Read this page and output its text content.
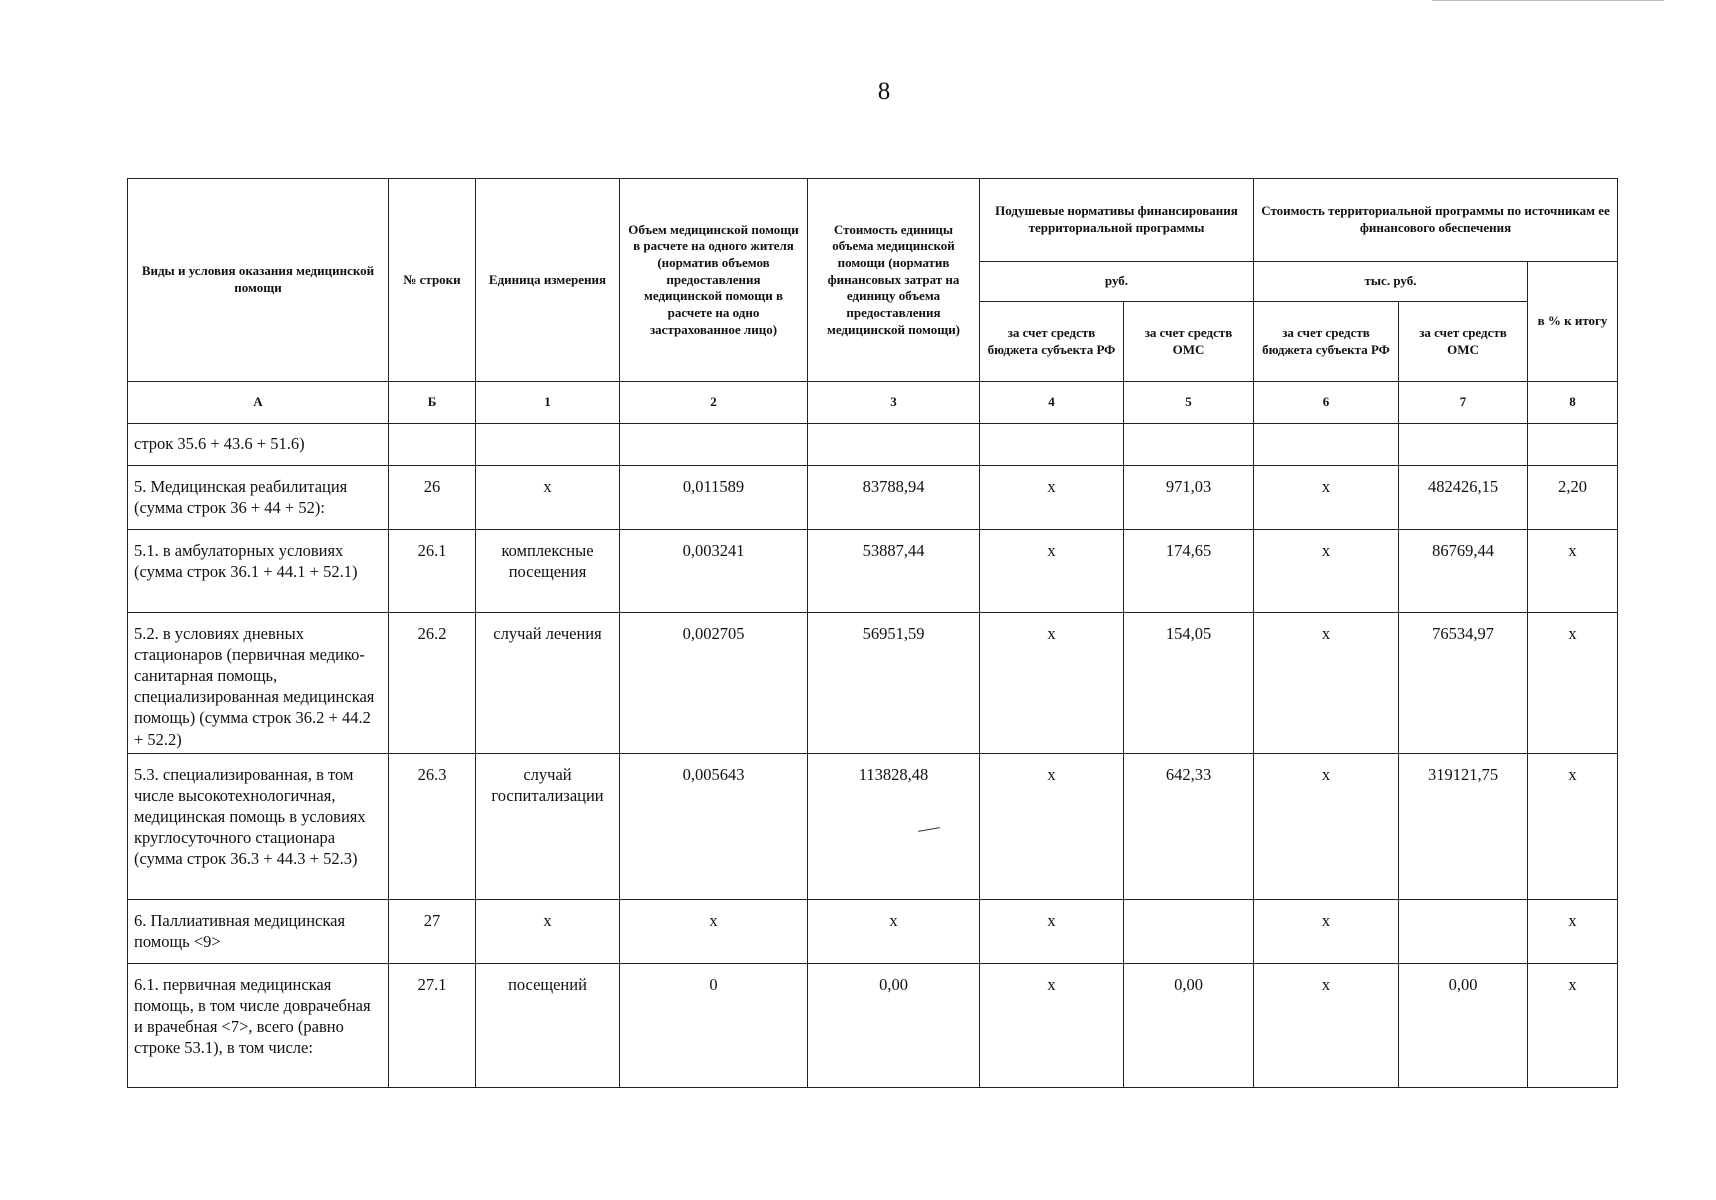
8
Виды и условия оказания медицинской помощи	№ строки	Единица измерения	Объем медицинской помощи в расчете на одного жителя (норматив объемов предоставления медицинской помощи в расчете на одно застрахованное лицо)	Стоимость единицы объема медицинской помощи (норматив финансовых затрат на единицу объема предоставления медицинской помощи)	Подушевые нормативы финансирования территориальной программы		Стоимость территориальной программы по источникам ее финансового обеспечения		
					руб.		тыс. руб.		в % к итогу
					за счет средств бюджета субъекта РФ	за счет средств ОМС	за счет средств бюджета субъекта РФ	за счет средств ОМС	
А	Б	1	2	3	4	5	6	7	8
строк 35.6 + 43.6 + 51.6)									
5. Медицинская реабилитация (сумма строк 36 + 44 + 52):	26	х	0,011589	83788,94	х	971,03	х	482426,15	2,20
5.1. в амбулаторных условиях (сумма строк 36.1 + 44.1 + 52.1)	26.1	комплексные посещения	0,003241	53887,44	х	174,65	х	86769,44	х
5.2. в условиях дневных стационаров (первичная медико-санитарная помощь, специализированная медицинская помощь) (сумма строк 36.2 + 44.2 + 52.2)	26.2	случай лечения	0,002705	56951,59	х	154,05	х	76534,97	х
5.3. специализированная, в том числе высокотехнологичная, медицинская помощь в условиях круглосуточного стационара (сумма строк 36.3 + 44.3 + 52.3)	26.3	случай госпитализации	0,005643	113828,48	х	642,33	х	319121,75	х
6. Паллиативная медицинская помощь <9>	27	х	х	х	х		х		х
6.1. первичная медицинская помощь, в том числе доврачебная и врачебная <7>, всего (равно строке 53.1), в том числе:	27.1	посещений	0	0,00	х	0,00	х	0,00	х
